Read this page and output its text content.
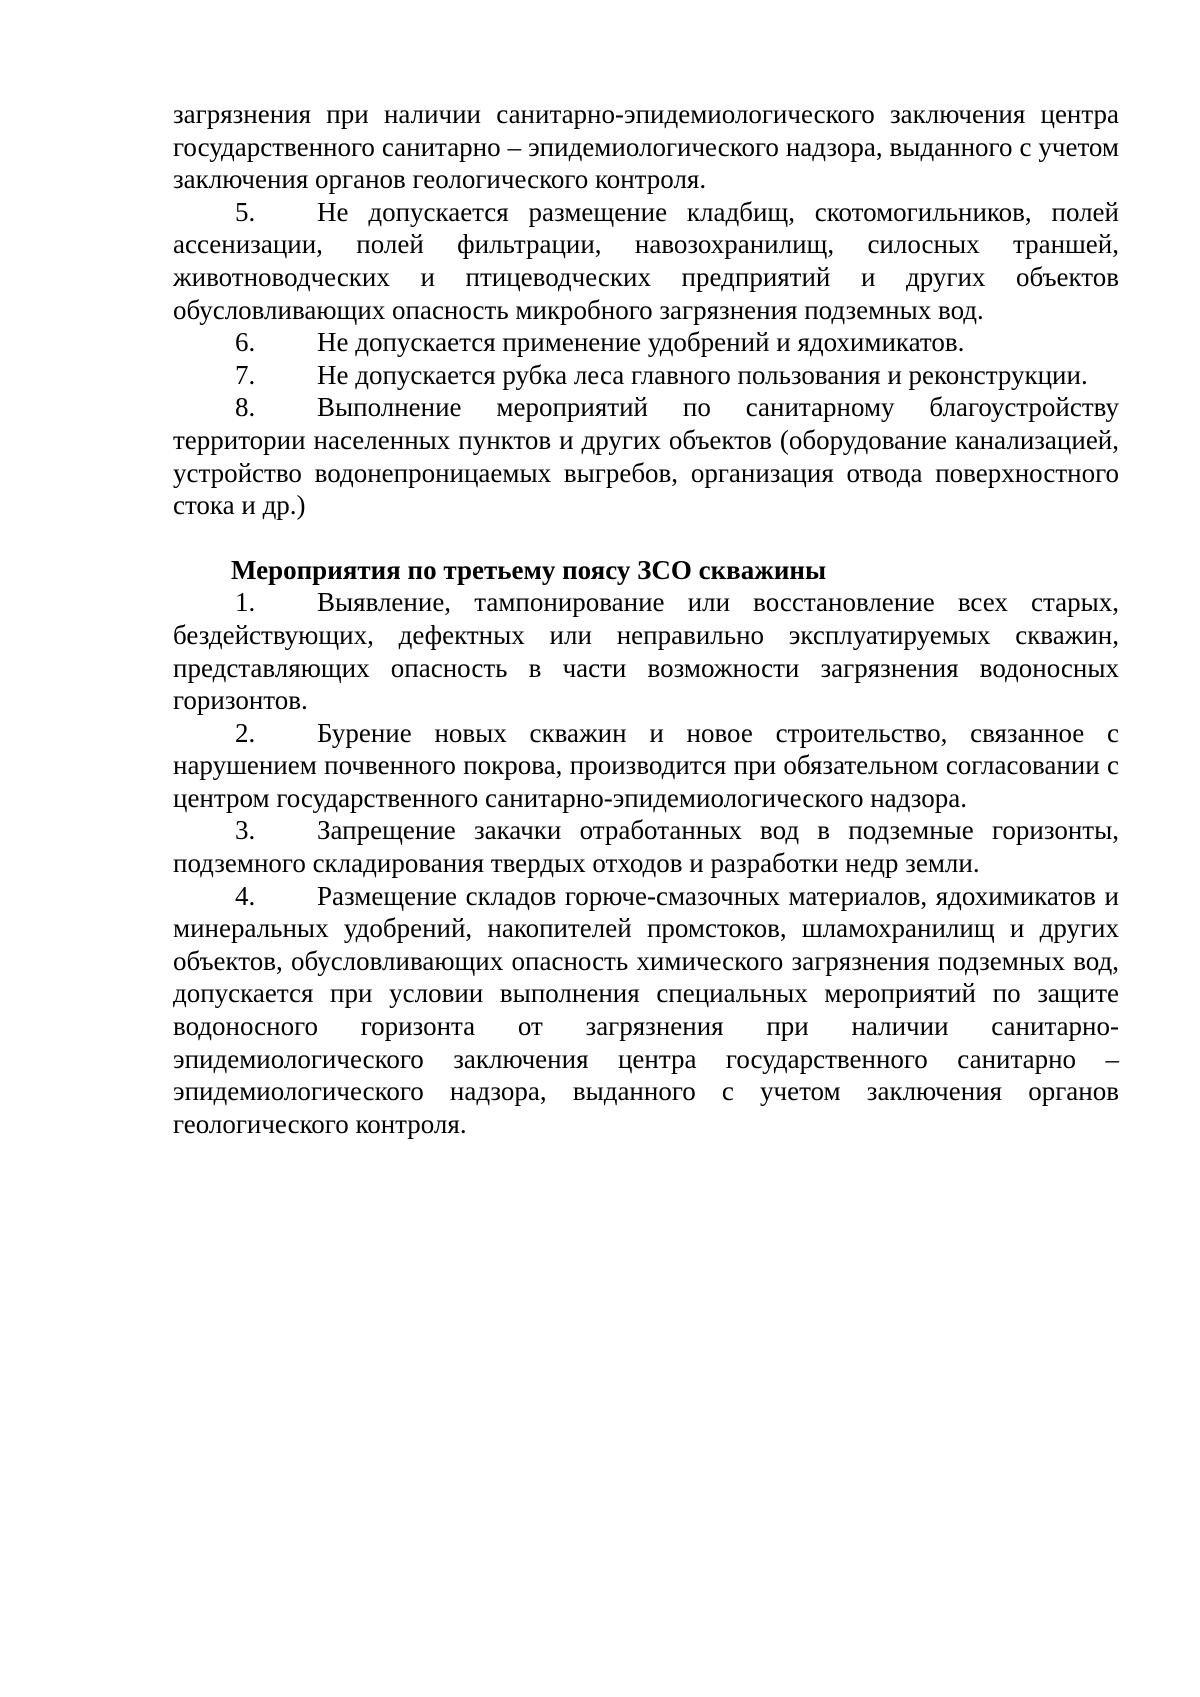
загрязнения при наличии санитарно-эпидемиологического заключения центра государственного санитарно – эпидемиологического надзора, выданного с учетом заключения органов геологического контроля.

5. Не допускается размещение кладбищ, скотомогильников, полей ассенизации, полей фильтрации, навозохранилищ, силосных траншей, животноводческих и птицеводческих предприятий и других объектов обусловливающих опасность микробного загрязнения подземных вод.

6. Не допускается применение удобрений и ядохимикатов.

7. Не допускается рубка леса главного пользования и реконструкции.

8. Выполнение мероприятий по санитарному благоустройству территории населенных пунктов и других объектов (оборудование канализацией, устройство водонепроницаемых выгребов, организация отвода поверхностного стока и др.)

Мероприятия по третьему поясу ЗСО скважины

1. Выявление, тампонирование или восстановление всех старых, бездействующих, дефектных или неправильно эксплуатируемых скважин, представляющих опасность в части возможности загрязнения водоносных горизонтов.

2. Бурение новых скважин и новое строительство, связанное с нарушением почвенного покрова, производится при обязательном согласовании с центром государственного санитарно-эпидемиологического надзора.

3. Запрещение закачки отработанных вод в подземные горизонты, подземного складирования твердых отходов и разработки недр земли.

4. Размещение складов горюче-смазочных материалов, ядохимикатов и минеральных удобрений, накопителей промстоков, шламохранилищ и других объектов, обусловливающих опасность химического загрязнения подземных вод, допускается при условии выполнения специальных мероприятий по защите водоносного горизонта от загрязнения при наличии санитарно-эпидемиологического заключения центра государственного санитарно – эпидемиологического надзора, выданного с учетом заключения органов геологического контроля.
